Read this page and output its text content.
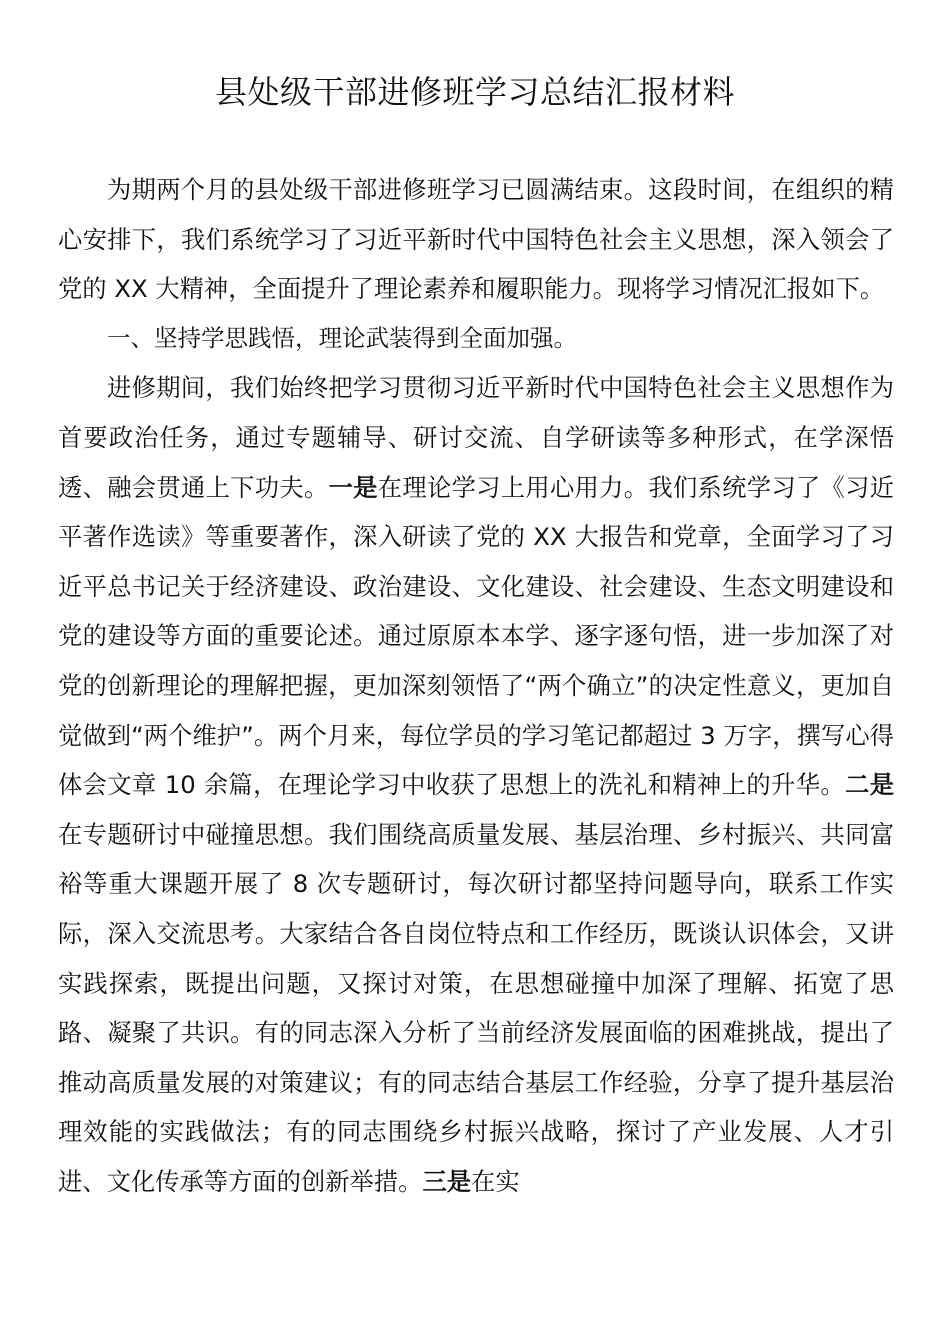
县处级干部进修班学习总结汇报材料

为期两个月的县处级干部进修班学习已圆满结束。这段时间，在组织的精心安排下，我们系统学习了习近平新时代中国特色社会主义思想，深入领会了党的 XX 大精神，全面提升了理论素养和履职能力。现将学习情况汇报如下。

一、坚持学思践悟，理论武装得到全面加强。

进修期间，我们始终把学习贯彻习近平新时代中国特色社会主义思想作为首要政治任务，通过专题辅导、研讨交流、自学研读等多种形式，在学深悟透、融会贯通上下功夫。一是在理论学习上用心用力。我们系统学习了《习近平著作选读》等重要著作，深入研读了党的 XX 大报告和党章，全面学习了习近平总书记关于经济建设、政治建设、文化建设、社会建设、生态文明建设和党的建设等方面的重要论述。通过原原本本学、逐字逐句悟，进一步加深了对党的创新理论的理解把握，更加深刻领悟了“两个确立”的决定性意义，更加自觉做到“两个维护”。两个月来，每位学员的学习笔记都超过 3 万字，撰写心得体会文章 10 余篇，在理论学习中收获了思想上的洗礼和精神上的升华。二是在专题研讨中碰撞思想。我们围绕高质量发展、基层治理、乡村振兴、共同富裕等重大课题开展了 8 次专题研讨，每次研讨都坚持问题导向，联系工作实际，深入交流思考。大家结合各自岗位特点和工作经历，既谈认识体会，又讲实践探索，既提出问题，又探讨对策，在思想碰撞中加深了理解、拓宽了思路、凝聚了共识。有的同志深入分析了当前经济发展面临的困难挑战，提出了推动高质量发展的对策建议；有的同志结合基层工作经验，分享了提升基层治理效能的实践做法；有的同志围绕乡村振兴战略，探讨了产业发展、人才引进、文化传承等方面的创新举措。三是在实
